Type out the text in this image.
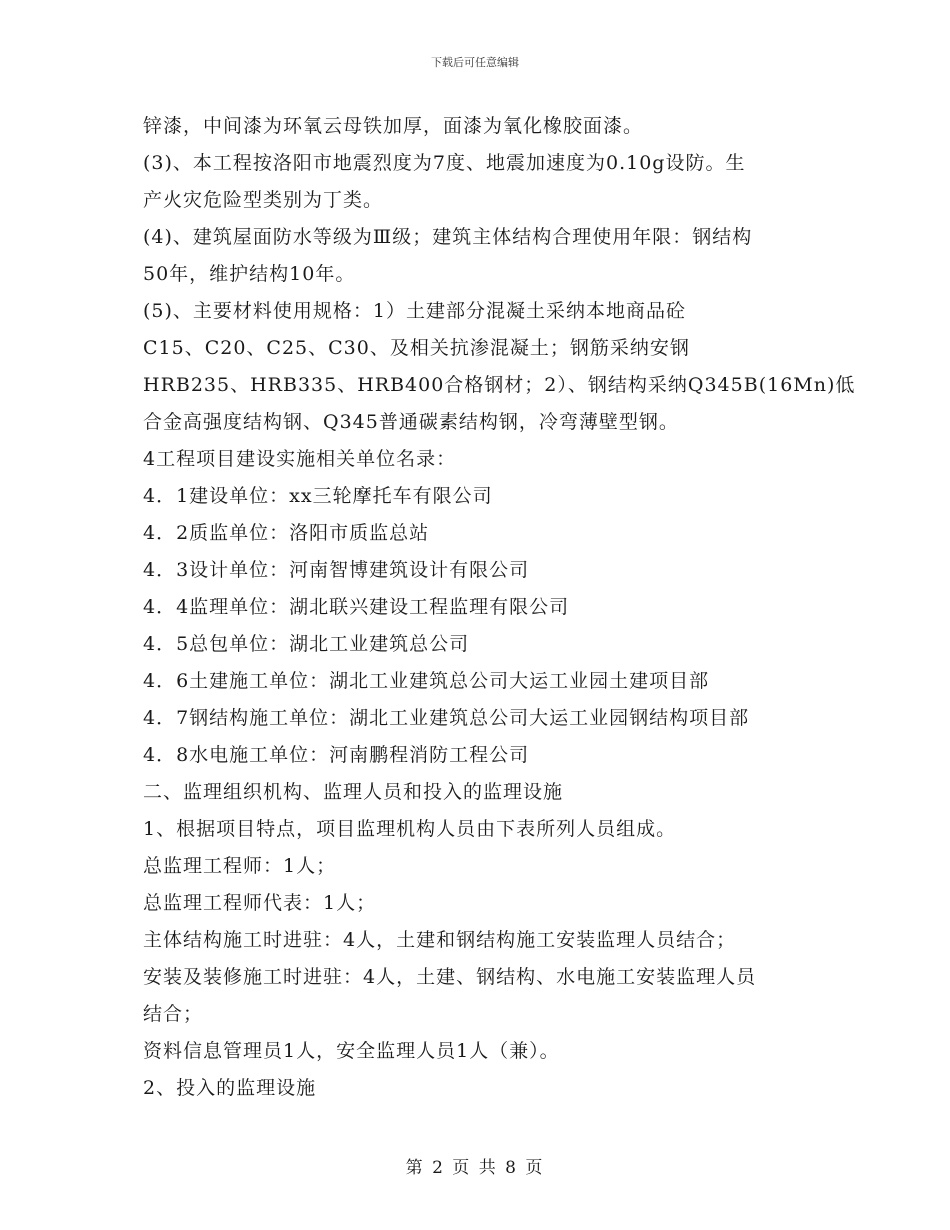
下载后可任意编辑
锌漆，中间漆为环氧云母铁加厚，面漆为氧化橡胶面漆。
(3)、本工程按洛阳市地震烈度为7度、地震加速度为0.10g设防。生
产火灾危险型类别为丁类。
(4)、建筑屋面防水等级为Ⅲ级；建筑主体结构合理使用年限：钢结构
50年，维护结构10年。
(5)、主要材料使用规格：1）土建部分混凝土采纳本地商品砼
C15、C20、C25、C30、及相关抗渗混凝土；钢筋采纳安钢
HRB235、HRB335、HRB400合格钢材；2）、钢结构采纳Q345B(16Mn)低
合金高强度结构钢、Q345普通碳素结构钢，冷弯薄壁型钢。
4工程项目建设实施相关单位名录：
4．1建设单位：xx三轮摩托车有限公司
4．2质监单位：洛阳市质监总站
4．3设计单位：河南智博建筑设计有限公司
4．4监理单位：湖北联兴建设工程监理有限公司
4．5总包单位：湖北工业建筑总公司
4．6土建施工单位：湖北工业建筑总公司大运工业园土建项目部
4．7钢结构施工单位：湖北工业建筑总公司大运工业园钢结构项目部
4．8水电施工单位：河南鹏程消防工程公司
二、监理组织机构、监理人员和投入的监理设施
1、根据项目特点，项目监理机构人员由下表所列人员组成。
总监理工程师：1人；
总监理工程师代表：1人；
主体结构施工时进驻：4人，土建和钢结构施工安装监理人员结合；
安装及装修施工时进驻：4人，土建、钢结构、水电施工安装监理人员
结合；
资料信息管理员1人，安全监理人员1人（兼）。
2、投入的监理设施
第 2 页 共 8 页
